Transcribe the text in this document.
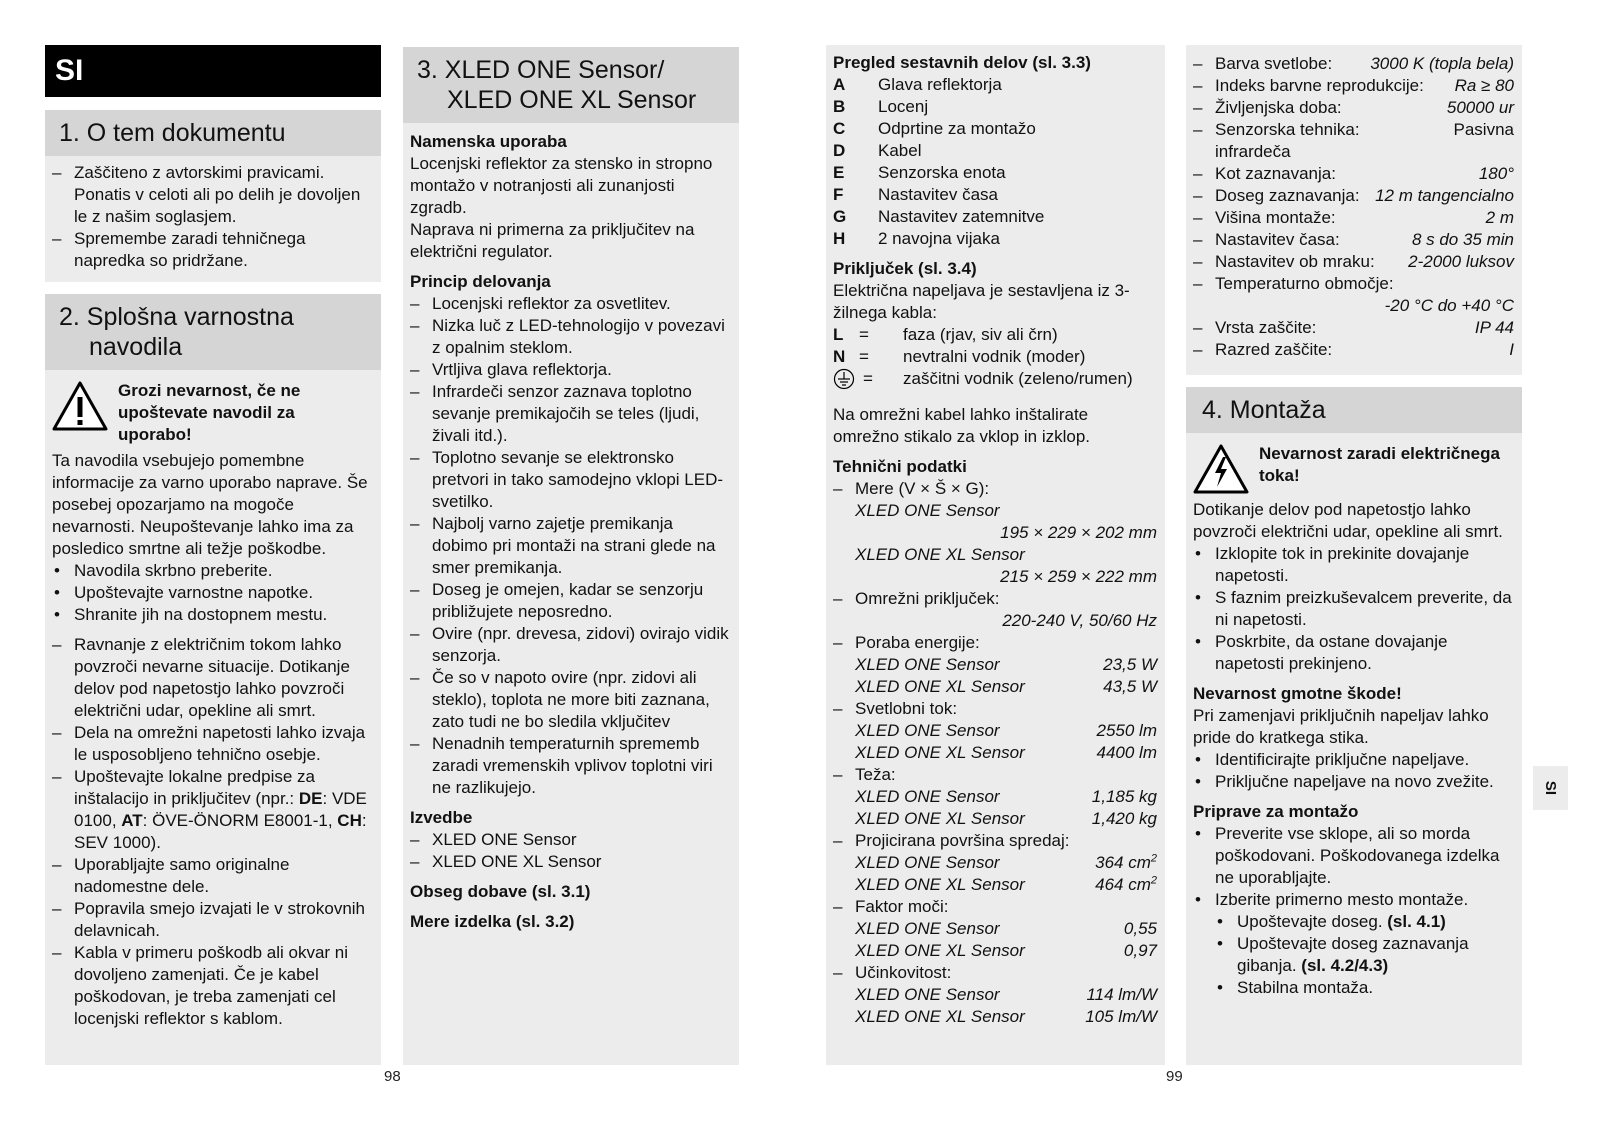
SI
1. O tem dokumentu
– Zaščiteno z avtorskimi pravicami. Ponatis v celoti ali po delih je dovoljen le z našim soglasjem.
– Spremembe zaradi tehničnega napredka so pridržane.
2. Splošna varnostna
navodila
Grozi nevarnost, če ne upoštevate navodil za uporabo!

Ta navodila vsebujejo pomembne informacije za varno uporabo naprave. Še posebej opozarjamo na mogoče nevarnosti. Neupoštevanje lahko ima za posledico smrtne ali težje poškodbe.

• Navodila skrbno preberite.
• Upoštevajte varnostne napotke.
• Shranite jih na dostopnem mestu.
– Ravnanje z električnim tokom lahko povzroči nevarne situacije. Dotikanje delov pod napetostjo lahko povzroči električni udar, opekline ali smrt.
– Dela na omrežni napetosti lahko izvaja le usposobljeno tehnično osebje.
– Upoštevajte lokalne predpise za inštalacijo in priključitev (npr.: DE: VDE 0100, AT: ÖVE-ÖNORM E8001-1, CH: SEV 1000).
– Uporabljajte samo originalne nadomestne dele.
– Popravila smejo izvajati le v strokovnih delavnicah.
– Kabla v primeru poškodb ali okvar ni dovoljeno zamenjati. Če je kabel poškodovan, je treba zamenjati cel locenjski reflektor s kablom.
3. XLED ONE Sensor/
XLED ONE XL Sensor
Namenska uporaba

Locenjski reflektor za stensko in stropno montažo v notranjosti ali zunanjosti zgradb.

Naprava ni primerna za priključitev na električni regulator.

Princip delovanja
– Locenjski reflektor za osvetlitev.
– Nizka luč z LED-tehnologijo v povezavi z opalnim steklom.
– Vrtljiva glava reflektorja.
– Infrardeči senzor zaznava toplotno sevanje premikajočih se teles (ljudi, živali itd.).
– Toplotno sevanje se elektronsko pretvori in tako samodejno vklopi LED-svetilko.
– Najbolj varno zajetje premikanja dobimo pri montaži na strani glede na smer premikanja.
– Doseg je omejen, kadar se senzorju približujete neposredno.
– Ovire (npr. drevesa, zidovi) ovirajo vidik senzorja.
– Če so v napoto ovire (npr. zidovi ali steklo), toplota ne more biti zaznana, zato tudi ne bo sledila vključitev
– Nenadnih temperaturnih sprememb zaradi vremenskih vplivov toplotni viri ne razlikujejo.
Izvedbe
– XLED ONE Sensor
– XLED ONE XL Sensor
Obseg dobave (sl. 3.1)
Mere izdelka (sl. 3.2)
Pregled sestavnih delov (sl. 3.3)
A	Glava reflektorja
B	Locenj
C	Odprtine za montažo
D	Kabel
E	Senzorska enota
F	Nastavitev časa
G	Nastavitev zatemnitve
H	2 navojna vijaka
Priključek (sl. 3.4)

Električna napeljava je sestavljena iz 3-žilnega kabla:

L =	faza (rjav, siv ali črn)
N =	nevtralni vodnik (moder)
=	zaščitni vodnik (zeleno/rumen)

Na omrežni kabel lahko inštalirate omrežno stikalo za vklop in izklop.

Tehnični podatki
– Mere (V × Š × G):
XLED ONE Sensor
195 × 229 × 202 mm
XLED ONE XL Sensor
215 × 259 × 222 mm
– Omrežni priključek:
220-240 V, 50/60 Hz
– Poraba energije:
XLED ONE Sensor	23,5 W
XLED ONE XL Sensor	43,5 W
– Svetlobni tok:
XLED ONE Sensor	2550 lm
XLED ONE XL Sensor	4400 lm
– Teža:
XLED ONE Sensor	1,185 kg
XLED ONE XL Sensor	1,420 kg
– Projicirana površina spredaj:
XLED ONE Sensor	364 $cm^2$
XLED ONE XL Sensor	464 $cm^2$
– Faktor moči:
XLED ONE Sensor	0,55
XLED ONE XL Sensor	0,97
– Učinkovitost:
XLED ONE Sensor	114 lm/W
XLED ONE XL Sensor	105 lm/W
– Barva svetlobe: 3000 K (topla bela)
– Indeks barvne reprodukcije: Ra ≥ 80
– Življenjska doba:	50000 ur
– Senzorska tehnika:	Pasivna
infrardeča
– Kot zaznavanja:	180°
– Doseg zaznavanja: 12 m tangencialno
– Višina montaže:	2 m
– Nastavitev časa:	8 s do 35 min
– Nastavitev ob mraku: 2-2000 luksov
– Temperaturno območje:
-20 °C do +40 °C
– Vrsta zaščite:	IP 44
– Razred zaščite:	I
4. Montaža
Nevarnost zaradi električnega toka!

Dotikanje delov pod napetostjo lahko povzroči električni udar, opekline ali smrt.

• Izklopite tok in prekinite dovajanje napetosti.
• S faznim preizkuševalcem preverite, da ni napetosti.
• Poskrbite, da ostane dovajanje napetosti prekinjeno.
Nevarnost gmotne škode!

Pri zamenjavi priključnih napeljav lahko pride do kratkega stika.

• Identificirajte priključne napeljave.
• Priključne napeljave na novo zvežite.
Priprave za montažo
• Preverite vse sklope, ali so morda poškodovani. Poškodovanega izdelka ne uporabljajte.
• Izberite primerno mesto montaže.
• Upoštevajte doseg. (sl. 4.1)
• Upoštevajte doseg zaznavanja gibanja. (sl. 4.2/4.3)
• Stabilna montaža.
98	99
SI
